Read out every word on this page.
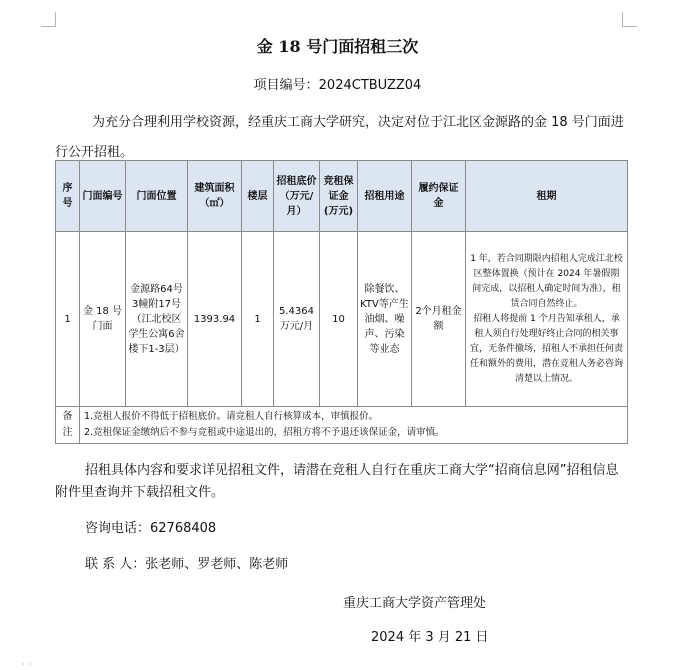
金 18 号门面招租三次
项目编号：2024CTBUZZ04
为充分合理利用学校资源，经重庆工商大学研究，决定对位于江北区金源路的金 18 号门面进行公开招租。
序号	门面编号	门面位置	建筑面积（㎡）	楼层	招租底价（万元/月）	竞租保证金(万元)	招租用途	履约保证金	租期
1	金 18 号门面	金源路64号3幢附17号（江北校区学生公寓6舍楼下1-3层）	1393.94	1	5.4364万元/月	10	除餐饮、KTV等产生油烟、噪声、污染等业态	2个月租金额	1 年，若合同期限内招租人完成江北校区整体置换（预计在 2024 年暑假期间完成，以招租人确定时间为准），租赁合同自然终止。
招租人将提前 1 个月告知承租人，承租人须自行处理好终止合同的相关事宜，无条件撤场，招租人不承担任何责任和额外的费用，潜在竞租人务必咨询清楚以上情况。

备注	1.竞租人报价不得低于招租底价。请竞租人自行核算成本，审慎报价。
2.竞租保证金缴纳后不参与竞租或中途退出的，招租方将不予退还该保证金，请审慎。								
招租具体内容和要求详见招租文件，请潜在竞租人自行在重庆工商大学“招商信息网”招租信息附件里查询并下载招租文件。
咨询电话：62768408
联 系 人：张老师、罗老师、陈老师
重庆工商大学资产管理处
2024 年 3 月 21 日
· ·
